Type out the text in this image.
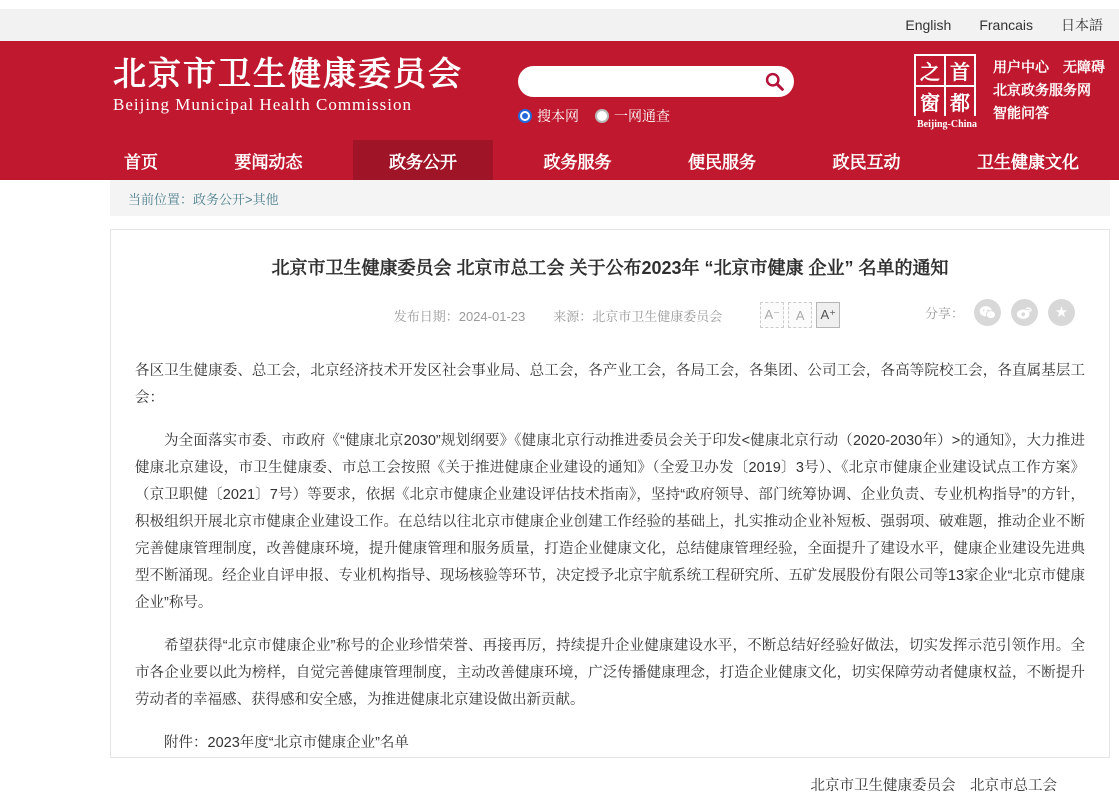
English Francais 日本語
北京市卫生健康委员会
Beijing Municipal Health Commission
搜本网	一网通查
之 首
窗 都
Beijing-China
用户中心 无障碍
北京政务服务网
智能问答
首页	要闻动态	政务公开	政务服务	便民服务	政民互动	卫生健康文化
当前位置： 政务公开>其他
北京市卫生健康委员会 北京市总工会 关于公布2023年 “北京市健康 企业” 名单的通知
发布日期：2024-01-23 来源：北京市卫生健康委员会	A⁻	A	A⁺	分享：	★

各区卫生健康委、总工会，北京经济技术开发区社会事业局、总工会，各产业工会，各局工会，各集团、公司工会，各高等院校工会，各直属基层工会：

为全面落实市委、市政府《“健康北京2030”规划纲要》《健康北京行动推进委员会关于印发<健康北京行动（2020-2030年）>的通知》，大力推进健康北京建设，市卫生健康委、市总工会按照《关于推进健康企业建设的通知》（全爱卫办发〔2019〕3号）、《北京市健康企业建设试点工作方案》（京卫职健〔2021〕7号）等要求，依据《北京市健康企业建设评估技术指南》，坚持“政府领导、部门统筹协调、企业负责、专业机构指导”的方针，积极组织开展北京市健康企业建设工作。在总结以往北京市健康企业创建工作经验的基础上，扎实推动企业补短板、强弱项、破难题，推动企业不断完善健康管理制度，改善健康环境，提升健康管理和服务质量，打造企业健康文化，总结健康管理经验，全面提升了建设水平，健康企业建设先进典型不断涌现。经企业自评申报、专业机构指导、现场核验等环节，决定授予北京宇航系统工程研究所、五矿发展股份有限公司等13家企业“北京市健康企业”称号。

希望获得“北京市健康企业”称号的企业珍惜荣誉、再接再厉，持续提升企业健康建设水平，不断总结好经验好做法，切实发挥示范引领作用。全市各企业要以此为榜样，自觉完善健康管理制度，主动改善健康环境，广泛传播健康理念，打造企业健康文化，切实保障劳动者健康权益，不断提升劳动者的幸福感、获得感和安全感，为推进健康北京建设做出新贡献。

附件：2023年度“北京市健康企业”名单

北京市卫生健康委员会　北京市总工会
